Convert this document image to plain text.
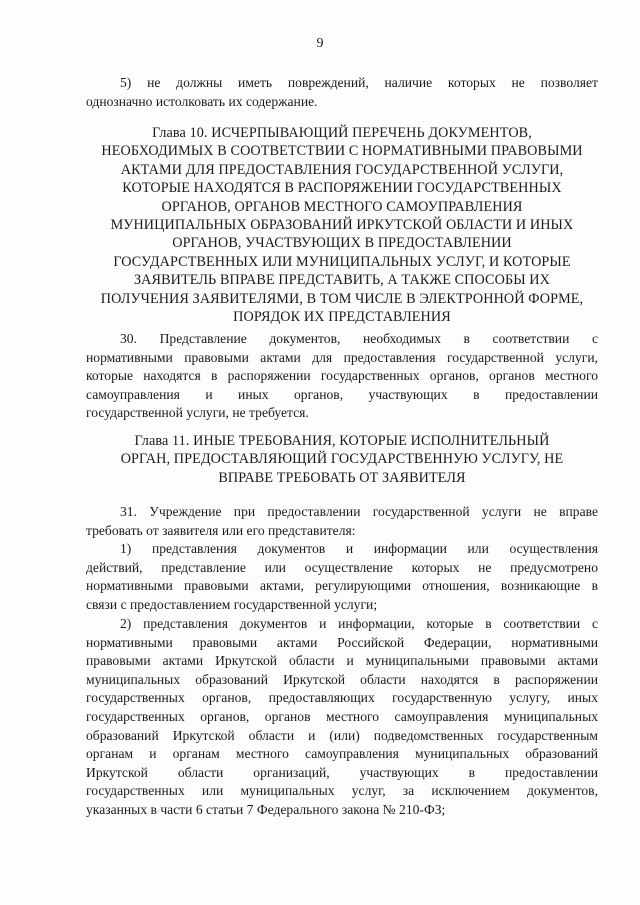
9
5) не должны иметь повреждений, наличие которых не позволяет
однозначно истолковать их содержание.
Глава 10. ИСЧЕРПЫВАЮЩИЙ ПЕРЕЧЕНЬ ДОКУМЕНТОВ,
НЕОБХОДИМЫХ В СООТВЕТСТВИИ С НОРМАТИВНЫМИ ПРАВОВЫМИ
АКТАМИ ДЛЯ ПРЕДОСТАВЛЕНИЯ ГОСУДАРСТВЕННОЙ УСЛУГИ,
КОТОРЫЕ НАХОДЯТСЯ В РАСПОРЯЖЕНИИ ГОСУДАРСТВЕННЫХ
ОРГАНОВ, ОРГАНОВ МЕСТНОГО САМОУПРАВЛЕНИЯ
МУНИЦИПАЛЬНЫХ ОБРАЗОВАНИЙ ИРКУТСКОЙ ОБЛАСТИ И ИНЫХ
ОРГАНОВ, УЧАСТВУЮЩИХ В ПРЕДОСТАВЛЕНИИ
ГОСУДАРСТВЕННЫХ ИЛИ МУНИЦИПАЛЬНЫХ УСЛУГ, И КОТОРЫЕ
ЗАЯВИТЕЛЬ ВПРАВЕ ПРЕДСТАВИТЬ, А ТАКЖЕ СПОСОБЫ ИХ
ПОЛУЧЕНИЯ ЗАЯВИТЕЛЯМИ, В ТОМ ЧИСЛЕ В ЭЛЕКТРОННОЙ ФОРМЕ,
ПОРЯДОК ИХ ПРЕДСТАВЛЕНИЯ
30. Представление документов, необходимых в соответствии с
нормативными правовыми актами для предоставления государственной услуги,
которые находятся в распоряжении государственных органов, органов местного
самоуправления и иных органов, участвующих в предоставлении
государственной услуги, не требуется.
Глава 11. ИНЫЕ ТРЕБОВАНИЯ, КОТОРЫЕ ИСПОЛНИТЕЛЬНЫЙ
ОРГАН, ПРЕДОСТАВЛЯЮЩИЙ ГОСУДАРСТВЕННУЮ УСЛУГУ, НЕ
ВПРАВЕ ТРЕБОВАТЬ ОТ ЗАЯВИТЕЛЯ
31. Учреждение при предоставлении государственной услуги не вправе
требовать от заявителя или его представителя:
1) представления документов и информации или осуществления
действий, представление или осуществление которых не предусмотрено
нормативными правовыми актами, регулирующими отношения, возникающие в
связи с предоставлением государственной услуги;
2) представления документов и информации, которые в соответствии с
нормативными правовыми актами Российской Федерации, нормативными
правовыми актами Иркутской области и муниципальными правовыми актами
муниципальных образований Иркутской области находятся в распоряжении
государственных органов, предоставляющих государственную услугу, иных
государственных органов, органов местного самоуправления муниципальных
образований Иркутской области и (или) подведомственных государственным
органам и органам местного самоуправления муниципальных образований
Иркутской области организаций, участвующих в предоставлении
государственных или муниципальных услуг, за исключением документов,
указанных в части 6 статьи 7 Федерального закона № 210-ФЗ;
